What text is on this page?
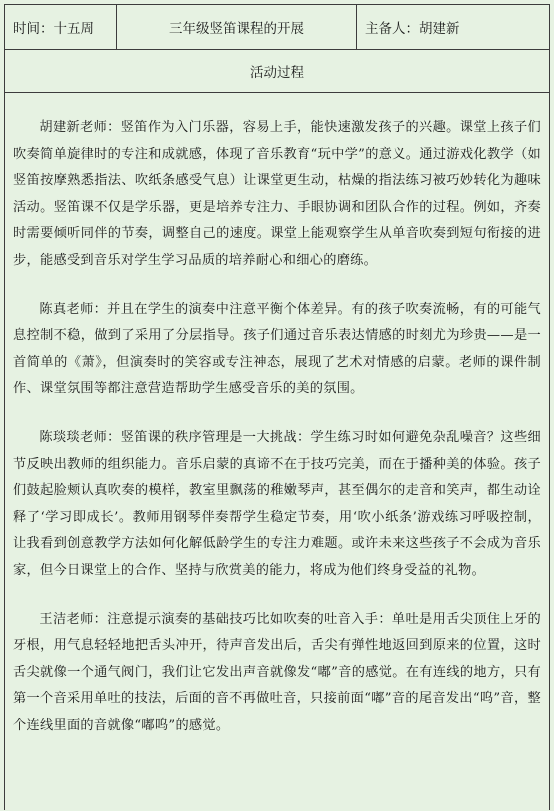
时间：十五周	三年级竖笛课程的开展	主备人：胡建新
活动过程

胡建新老师：竖笛作为入门乐器，容易上手，能快速激发孩子的兴趣。课堂上孩子们吹奏简单旋律时的专注和成就感，体现了音乐教育“玩中学”的意义。通过游戏化教学（如竖笛按摩熟悉指法、吹纸条感受气息）让课堂更生动，枯燥的指法练习被巧妙转化为趣味活动。竖笛课不仅是学乐器，更是培养专注力、手眼协调和团队合作的过程。例如，齐奏时需要倾听同伴的节奏，调整自己的速度。课堂上能观察学生从单音吹奏到短句衔接的进步，能感受到音乐对学生学习品质的培养耐心和细心的磨练。

陈真老师：并且在学生的演奏中注意平衡个体差异。有的孩子吹奏流畅，有的可能气息控制不稳，做到了采用了分层指导。孩子们通过音乐表达情感的时刻尤为珍贵——是一首简单的《萧》，但演奏时的笑容或专注神态，展现了艺术对情感的启蒙。老师的课件制作、课堂氛围等都注意营造帮助学生感受音乐的美的氛围。

陈琰琰老师：竖笛课的秩序管理是一大挑战：学生练习时如何避免杂乱噪音？这些细节反映出教师的组织能力。音乐启蒙的真谛不在于技巧完美，而在于播种美的体验。孩子们鼓起脸颊认真吹奏的模样，教室里飘荡的稚嫩琴声，甚至偶尔的走音和笑声，都生动诠释了‘学习即成长’。教师用钢琴伴奏帮学生稳定节奏，用‘吹小纸条’游戏练习呼吸控制，让我看到创意教学方法如何化解低龄学生的专注力难题。或许未来这些孩子不会成为音乐家，但今日课堂上的合作、坚持与欣赏美的能力，将成为他们终身受益的礼物。

王洁老师：注意提示演奏的基础技巧比如吹奏的吐音入手：单吐是用舌尖顶住上牙的牙根，用气息轻轻地把舌头冲开，待声音发出后，舌尖有弹性地返回到原来的位置，这时舌尖就像一个通气阀门，我们让它发出声音就像发“嘟”音的感觉。在有连线的地方，只有第一个音采用单吐的技法，后面的音不再做吐音，只接前面“嘟”音的尾音发出“呜”音，整个连线里面的音就像“嘟呜”的感觉。
